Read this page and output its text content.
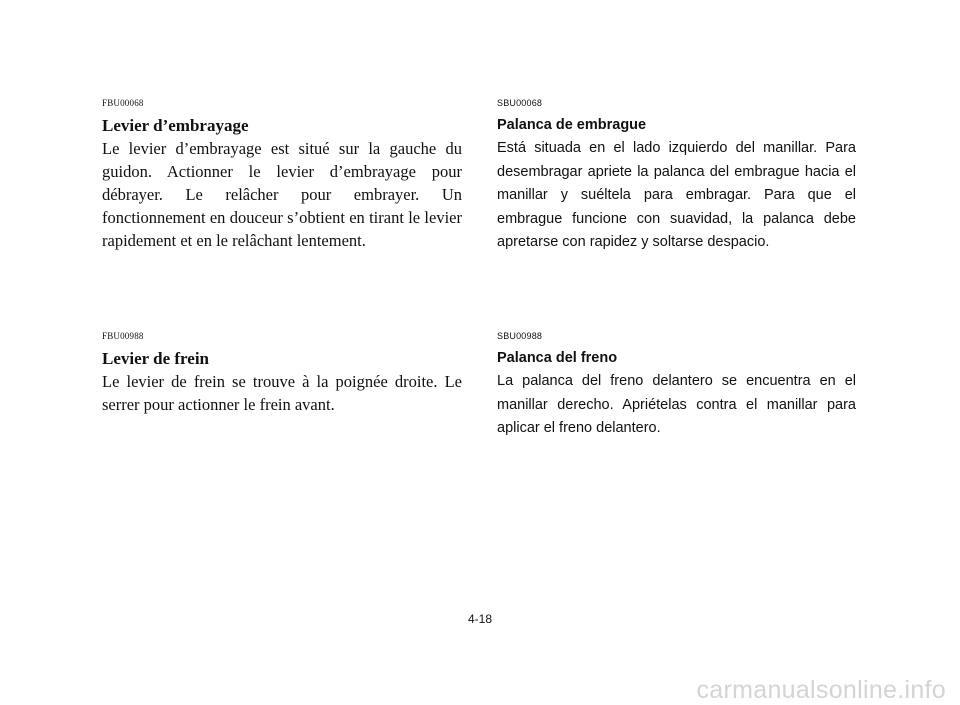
FBU00068
Levier d’embrayage

Le levier d’embrayage est situé sur la gauche du guidon. Actionner le levier d’embrayage pour débrayer. Le relâcher pour embrayer. Un fonctionnement en douceur s’obtient en tirant le levier rapidement et en le relâchant lentement.

FBU00988
Levier de frein

Le levier de frein se trouve à la poignée droite. Le serrer pour actionner le frein avant.

SBU00068
Palanca de embrague

Está situada en el lado izquierdo del manillar. Para desembragar apriete la palanca del embrague hacia el manillar y suéltela para embragar. Para que el embrague funcione con suavidad, la palanca debe apretarse con rapidez y soltarse despacio.

SBU00988
Palanca del freno

La palanca del freno delantero se encuentra en el manillar derecho. Apriételas contra el manillar para aplicar el freno delantero.

4-18
carmanualsonline.info
